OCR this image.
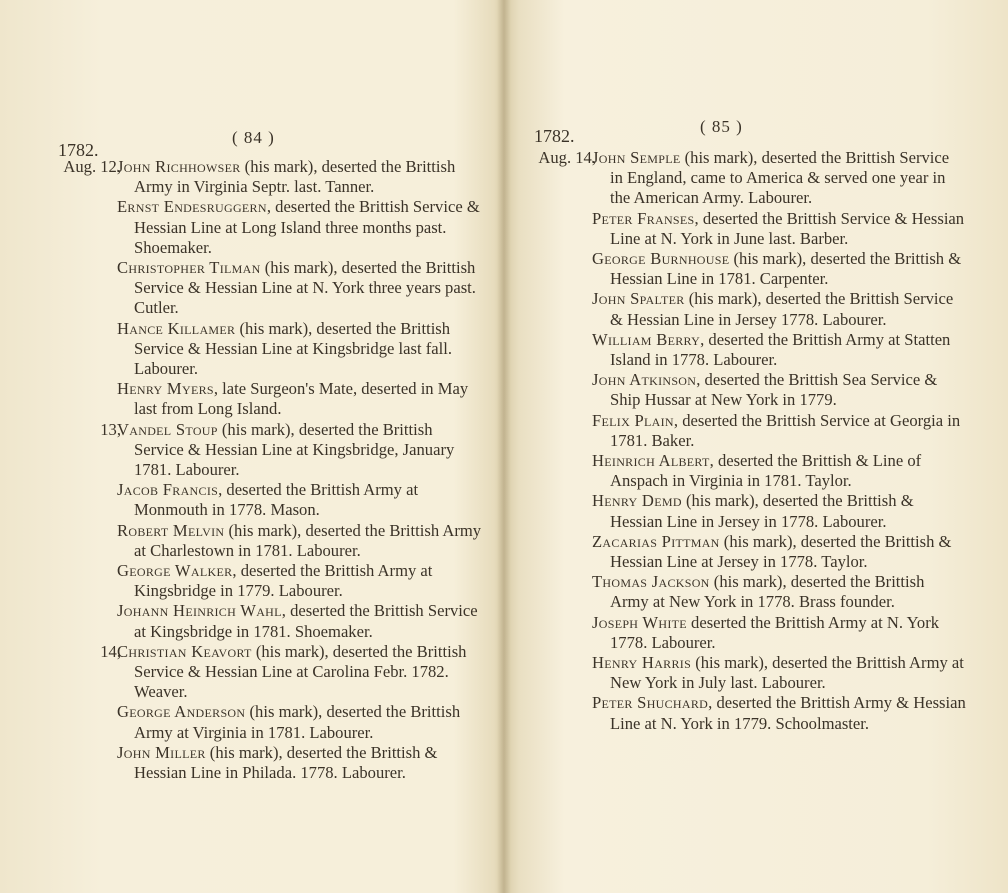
( 84 )
1782.

Aug. 12,
John Richhowser (his mark), deserted the Brittish Army in Virginia Septr. last. Tanner.

Ernst Endesruggern, deserted the Brittish Service & Hessian Line at Long Island three months past. Shoemaker.

Christopher Tilman (his mark), deserted the Brittish Service & Hessian Line at N. York three years past. Cutler.

Hance Killamer (his mark), deserted the Brittish Service & Hessian Line at Kingsbridge last fall. Labourer.

Henry Myers, late Surgeon's Mate, deserted in May last from Long Island.

13,
Vandel Stoup (his mark), deserted the Brittish Service & Hessian Line at Kingsbridge, January 1781. Labourer.

Jacob Francis, deserted the Brittish Army at Monmouth in 1778. Mason.

Robert Melvin (his mark), deserted the Brittish Army at Charlestown in 1781. Labourer.

George Walker, deserted the Brittish Army at Kingsbridge in 1779. Labourer.

Johann Heinrich Wahl, deserted the Brittish Service at Kingsbridge in 1781. Shoemaker.

14,
Christian Keavort (his mark), deserted the Brittish Service & Hessian Line at Carolina Febr. 1782. Weaver.

George Anderson (his mark), deserted the Brittish Army at Virginia in 1781. Labourer.

John Miller (his mark), deserted the Brittish & Hessian Line in Philada. 1778. Labourer.

( 85 )
1782.

Aug. 14,
John Semple (his mark), deserted the Brittish Service in England, came to America & served one year in the American Army. Labourer.

Peter Franses, deserted the Brittish Service & Hessian Line at N. York in June last. Barber.

George Burnhouse (his mark), deserted the Brittish & Hessian Line in 1781. Carpenter.

John Spalter (his mark), deserted the Brittish Service & Hessian Line in Jersey 1778. Labourer.

William Berry, deserted the Brittish Army at Statten Island in 1778. Labourer.

John Atkinson, deserted the Brittish Sea Service & Ship Hussar at New York in 1779.

Felix Plain, deserted the Brittish Service at Georgia in 1781. Baker.

Heinrich Albert, deserted the Brittish & Line of Anspach in Virginia in 1781. Taylor.

Henry Demd (his mark), deserted the Brittish & Hessian Line in Jersey in 1778. Labourer.

Zacarias Pittman (his mark), deserted the Brittish & Hessian Line at Jersey in 1778. Taylor.

Thomas Jackson (his mark), deserted the Brittish Army at New York in 1778. Brass founder.

Joseph White deserted the Brittish Army at N. York 1778. Labourer.

Henry Harris (his mark), deserted the Brittish Army at New York in July last. Labourer.

Peter Shuchard, deserted the Brittish Army & Hessian Line at N. York in 1779. Schoolmaster.
